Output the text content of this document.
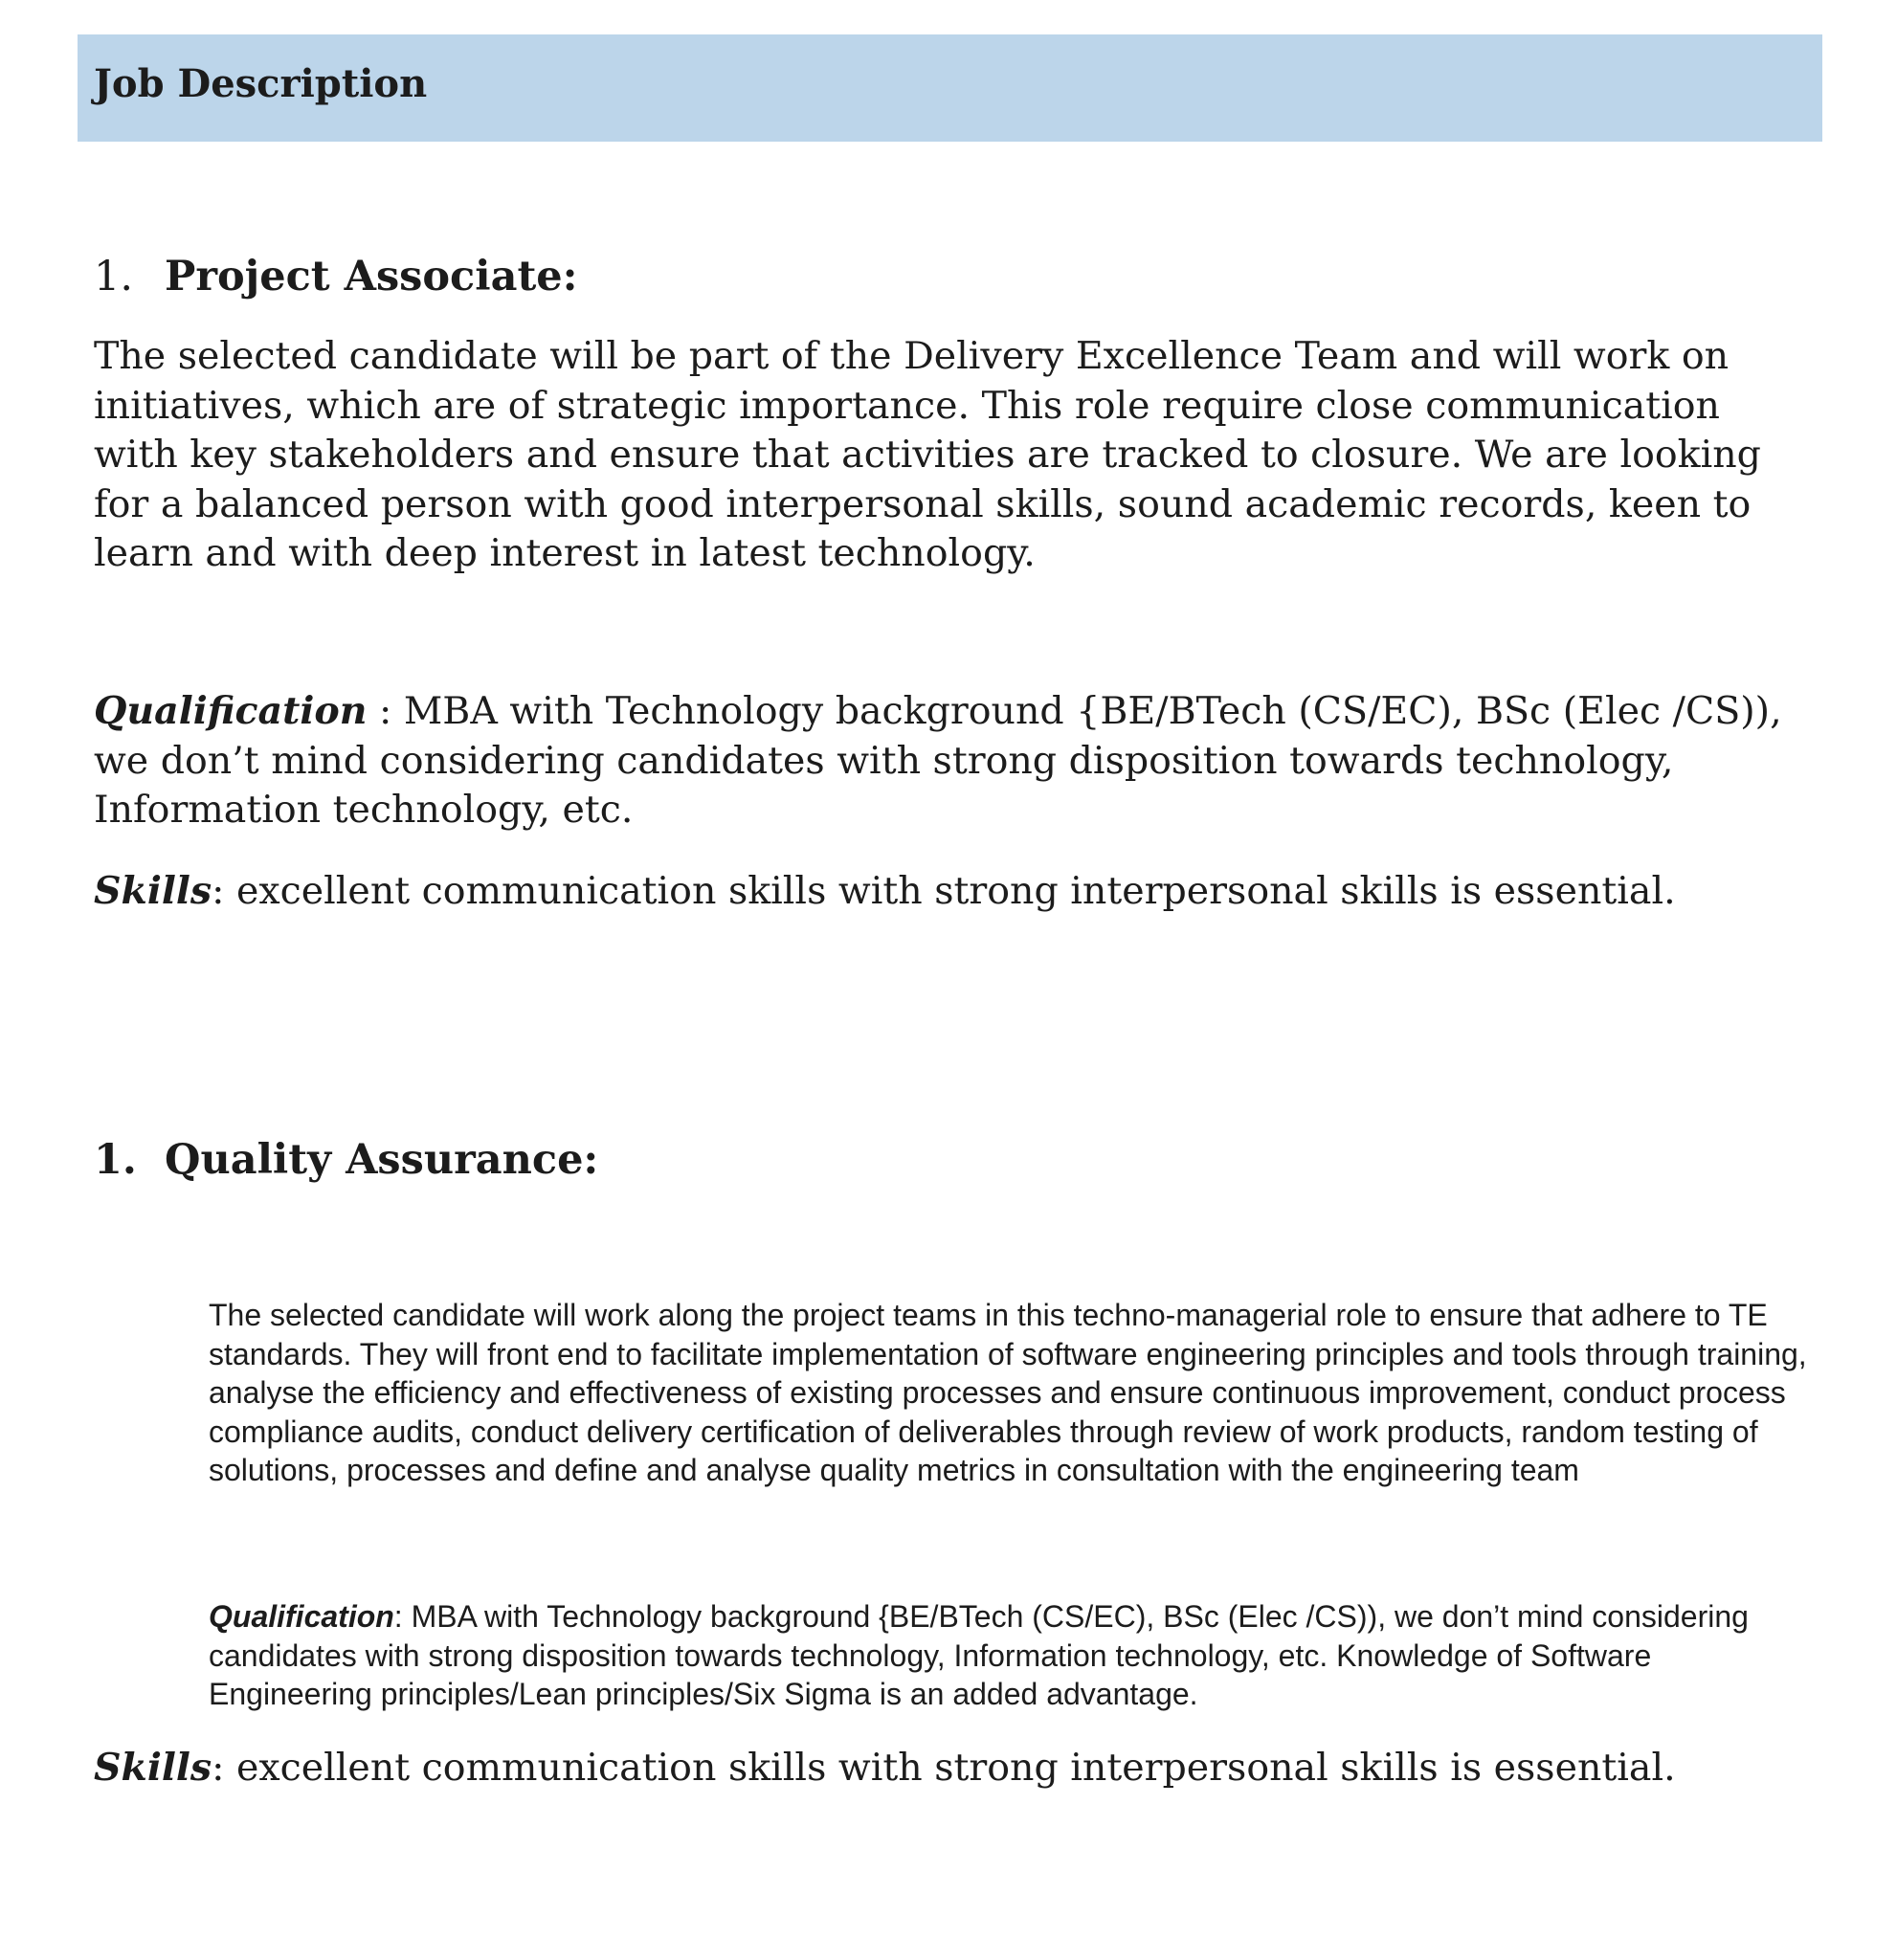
Job Description
1. Project Associate:

The selected candidate will be part of the Delivery Excellence Team and will work on initiatives, which are of strategic importance. This role require close communication with key stakeholders and ensure that activities are tracked to closure. We are looking for a balanced person with good interpersonal skills, sound academic records, keen to learn and with deep interest in latest technology.

Qualification : MBA with Technology background {BE/BTech (CS/EC), BSc (Elec /CS)), we don’t mind considering candidates with strong disposition towards technology, Information technology, etc.

Skills: excellent communication skills with strong interpersonal skills is essential.

1. Quality Assurance:

The selected candidate will work along the project teams in this techno-managerial role to ensure that adhere to TE standards. They will front end to facilitate implementation of software engineering principles and tools through training, analyse the efficiency and effectiveness of existing processes and ensure continuous improvement, conduct process compliance audits, conduct delivery certification of deliverables through review of work products, random testing of solutions, processes and define and analyse quality metrics in consultation with the engineering team

Qualification: MBA with Technology background {BE/BTech (CS/EC), BSc (Elec /CS)), we don’t mind considering candidates with strong disposition towards technology, Information technology, etc. Knowledge of Software Engineering principles/Lean principles/Six Sigma is an added advantage.

Skills: excellent communication skills with strong interpersonal skills is essential.
